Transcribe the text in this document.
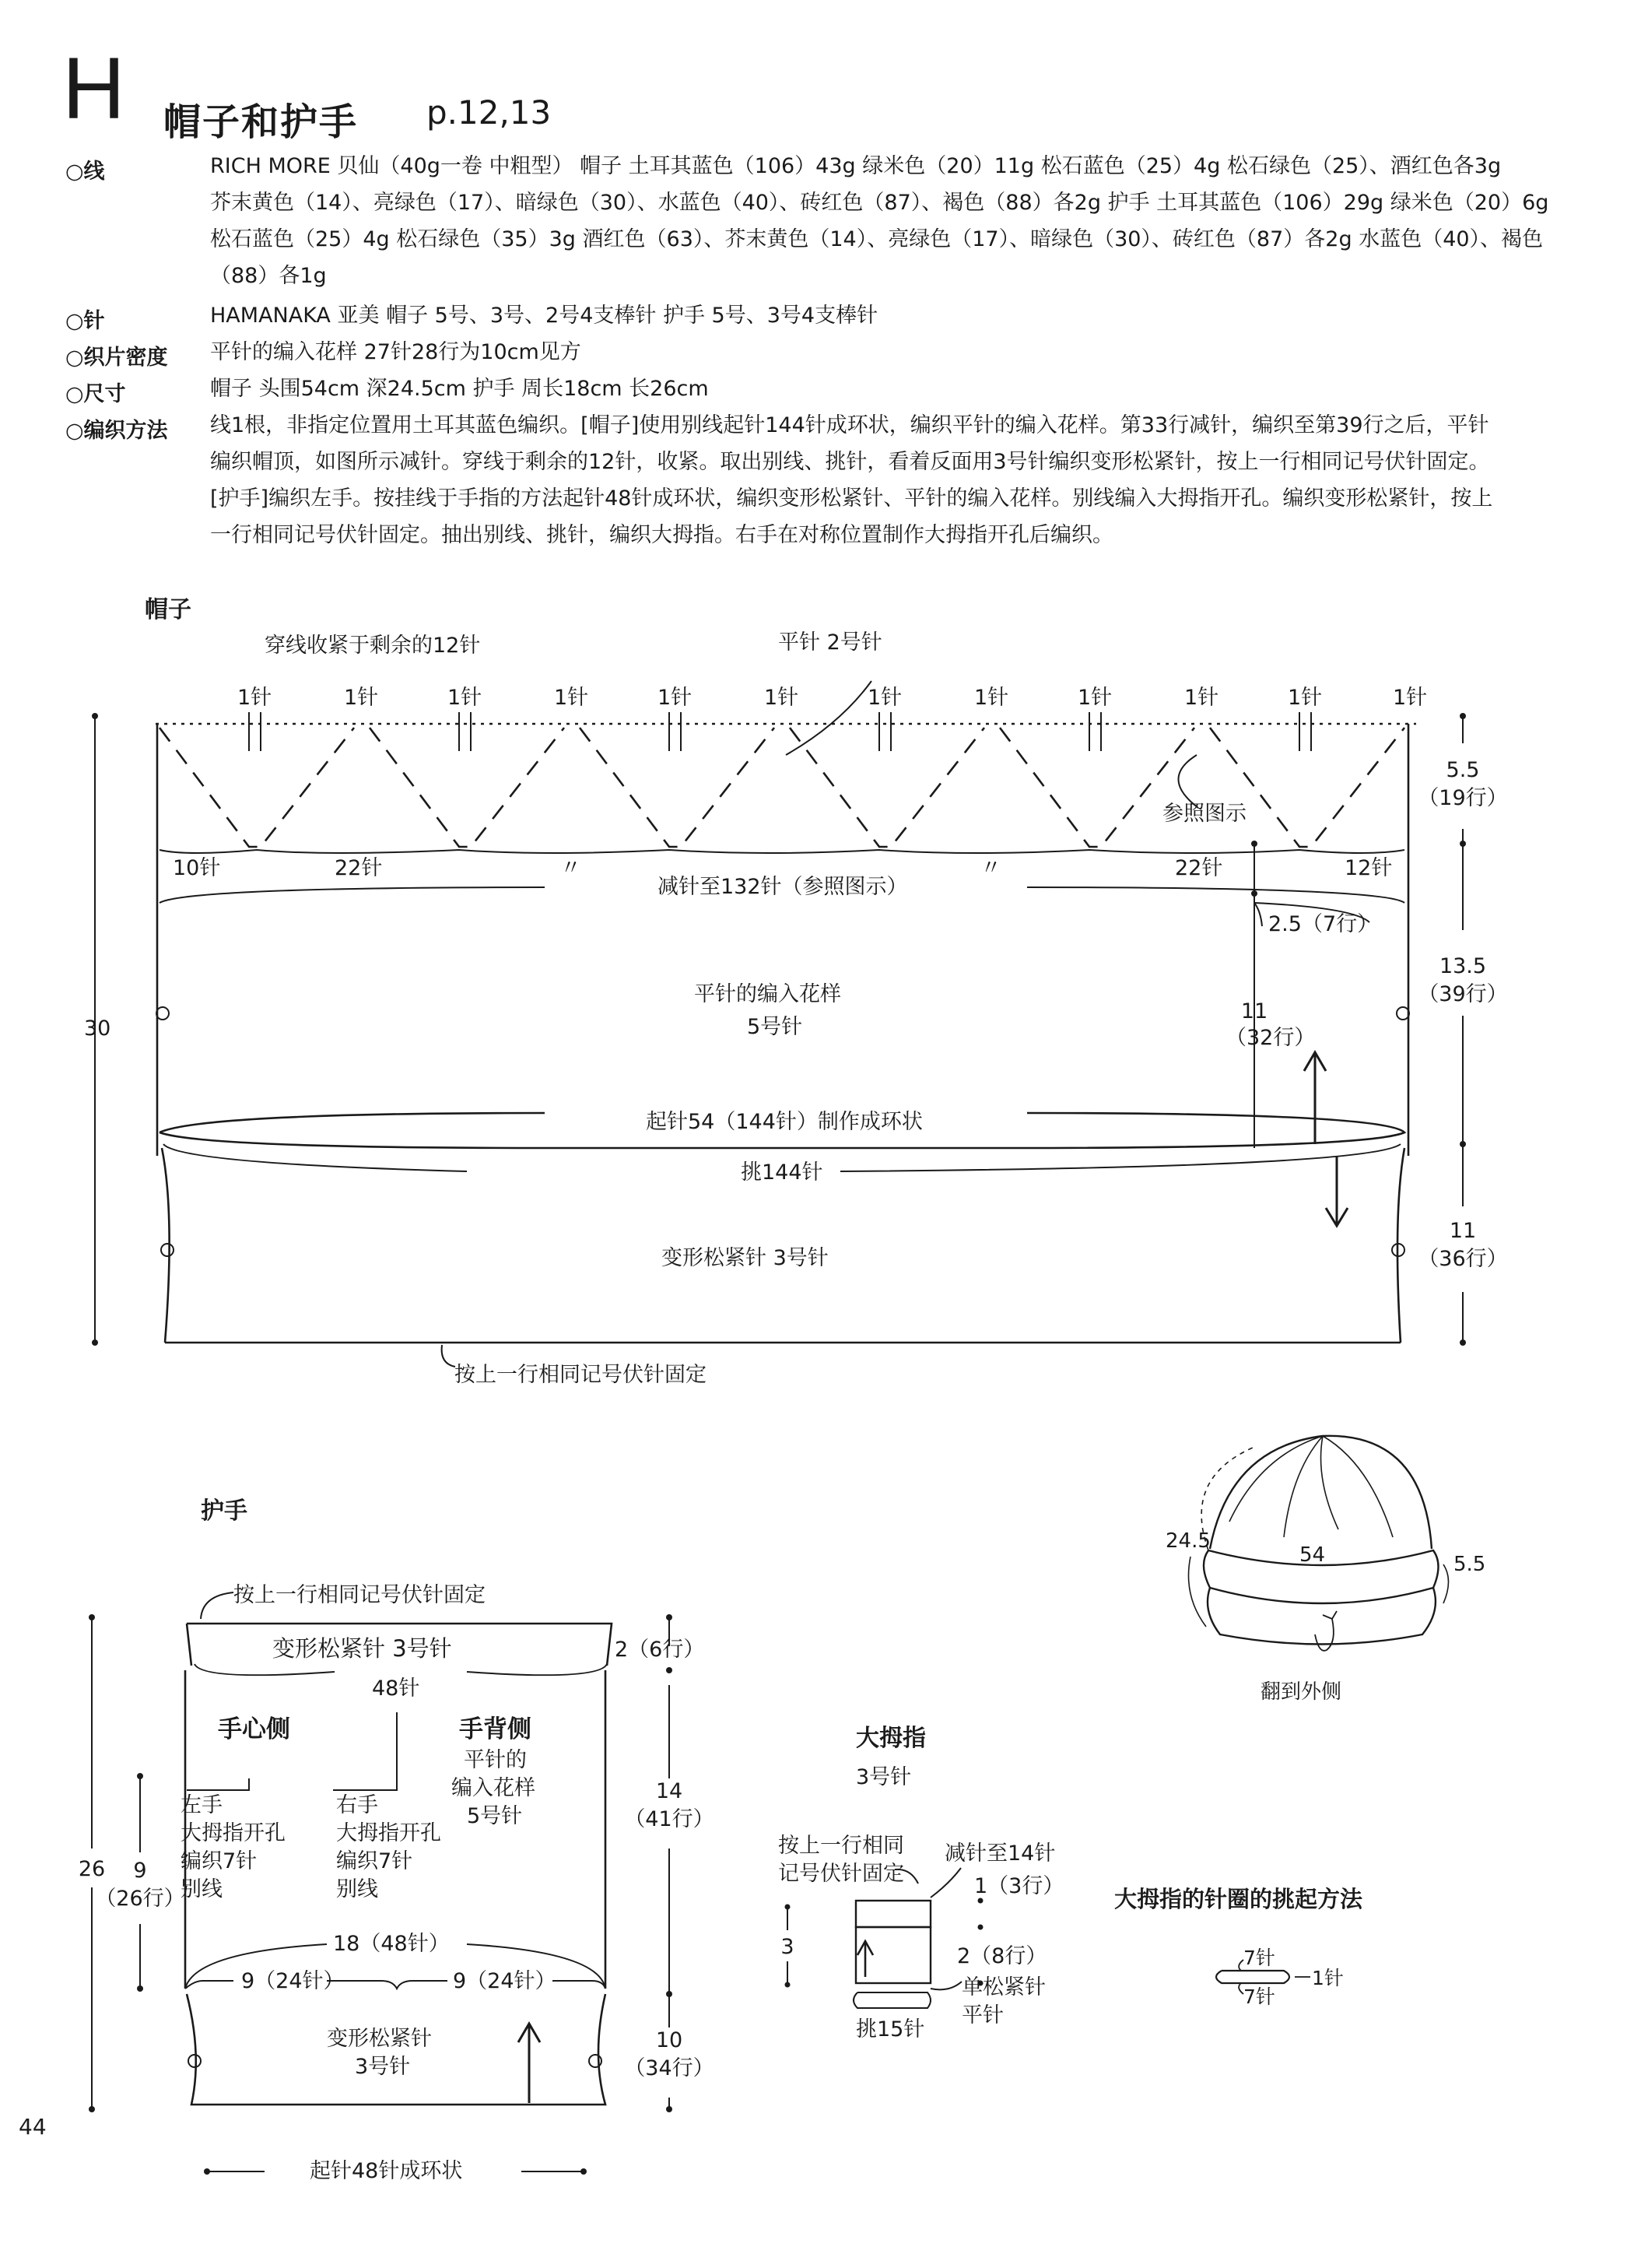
H 帽子和护手 p.12,13
○线	RICH MORE 贝仙（40g一卷 中粗型） 帽子 土耳其蓝色（106）43g 绿米色（20）11g 松石蓝色（25）4g 松石绿色（25）、酒红色各3g
芥末黄色（14）、亮绿色（17）、暗绿色（30）、水蓝色（40）、砖红色（87）、褐色（88）各2g 护手 土耳其蓝色（106）29g 绿米色（20）6g
松石蓝色（25）4g 松石绿色（35）3g 酒红色（63）、芥末黄色（14）、亮绿色（17）、暗绿色（30）、砖红色（87）各2g 水蓝色（40）、褐色
（88）各1g
○针	HAMANAKA 亚美 帽子 5号、3号、2号4支棒针 护手 5号、3号4支棒针
○织片密度 平针的编入花样 27针28行为10cm见方
○尺寸	帽子 头围54cm 深24.5cm 护手 周长18cm 长26cm
○编织方法 线1根，非指定位置用土耳其蓝色编织。[帽子]使用别线起针144针成环状，编织平针的编入花样。第33行减针，编织至第39行之后，平针
编织帽顶，如图所示减针。穿线于剩余的12针，收紧。取出别线、挑针，看着反面用3号针编织变形松紧针，按上一行相同记号伏针固定。
[护手]编织左手。按挂线于手指的方法起针48针成环状，编织变形松紧针、平针的编入花样。别线编入大拇指开孔。编织变形松紧针，按上
一行相同记号伏针固定。抽出别线、挑针，编织大拇指。右手在对称位置制作大拇指开孔后编织。
帽子
护手
大拇指
大拇指的针圈的挑起方法
穿线收紧于剩余的12针	平针 2号针
1针	1针	1针	1针	1针	1针	1针	1针	1针	1针	1针	1针
参照图示
10针	22针	〃	〃	22针	12针
减针至132针（参照图示）
2.5（7行）
平针的编入花样
5号针
11
（32行）
起针54（144针）制作成环状
挑144针
变形松紧针 3号针
按上一行相同记号伏针固定
30
5.5
（19行）
13.5
（39行）
11
（36行）
24.5
54	5.5
翻到外侧
按上一行相同记号伏针固定
变形松紧针 3号针	2（6行）
48针
手心侧	手背侧
平针的
编入花样
5号针
左手
大拇指开孔
编织7针
别线
右手
大拇指开孔
编织7针
别线
18（48针）
9（24针）	9（24针）
14
（41行）
9
（26行）
26
变形松紧针
3号针
10
（34行）
起针48针成环状
3号针
按上一行相同
记号伏针固定
减针至14针
1（3行）
2（8行）
3
单松紧针
平针
挑15针
7针
7针
1针
44
